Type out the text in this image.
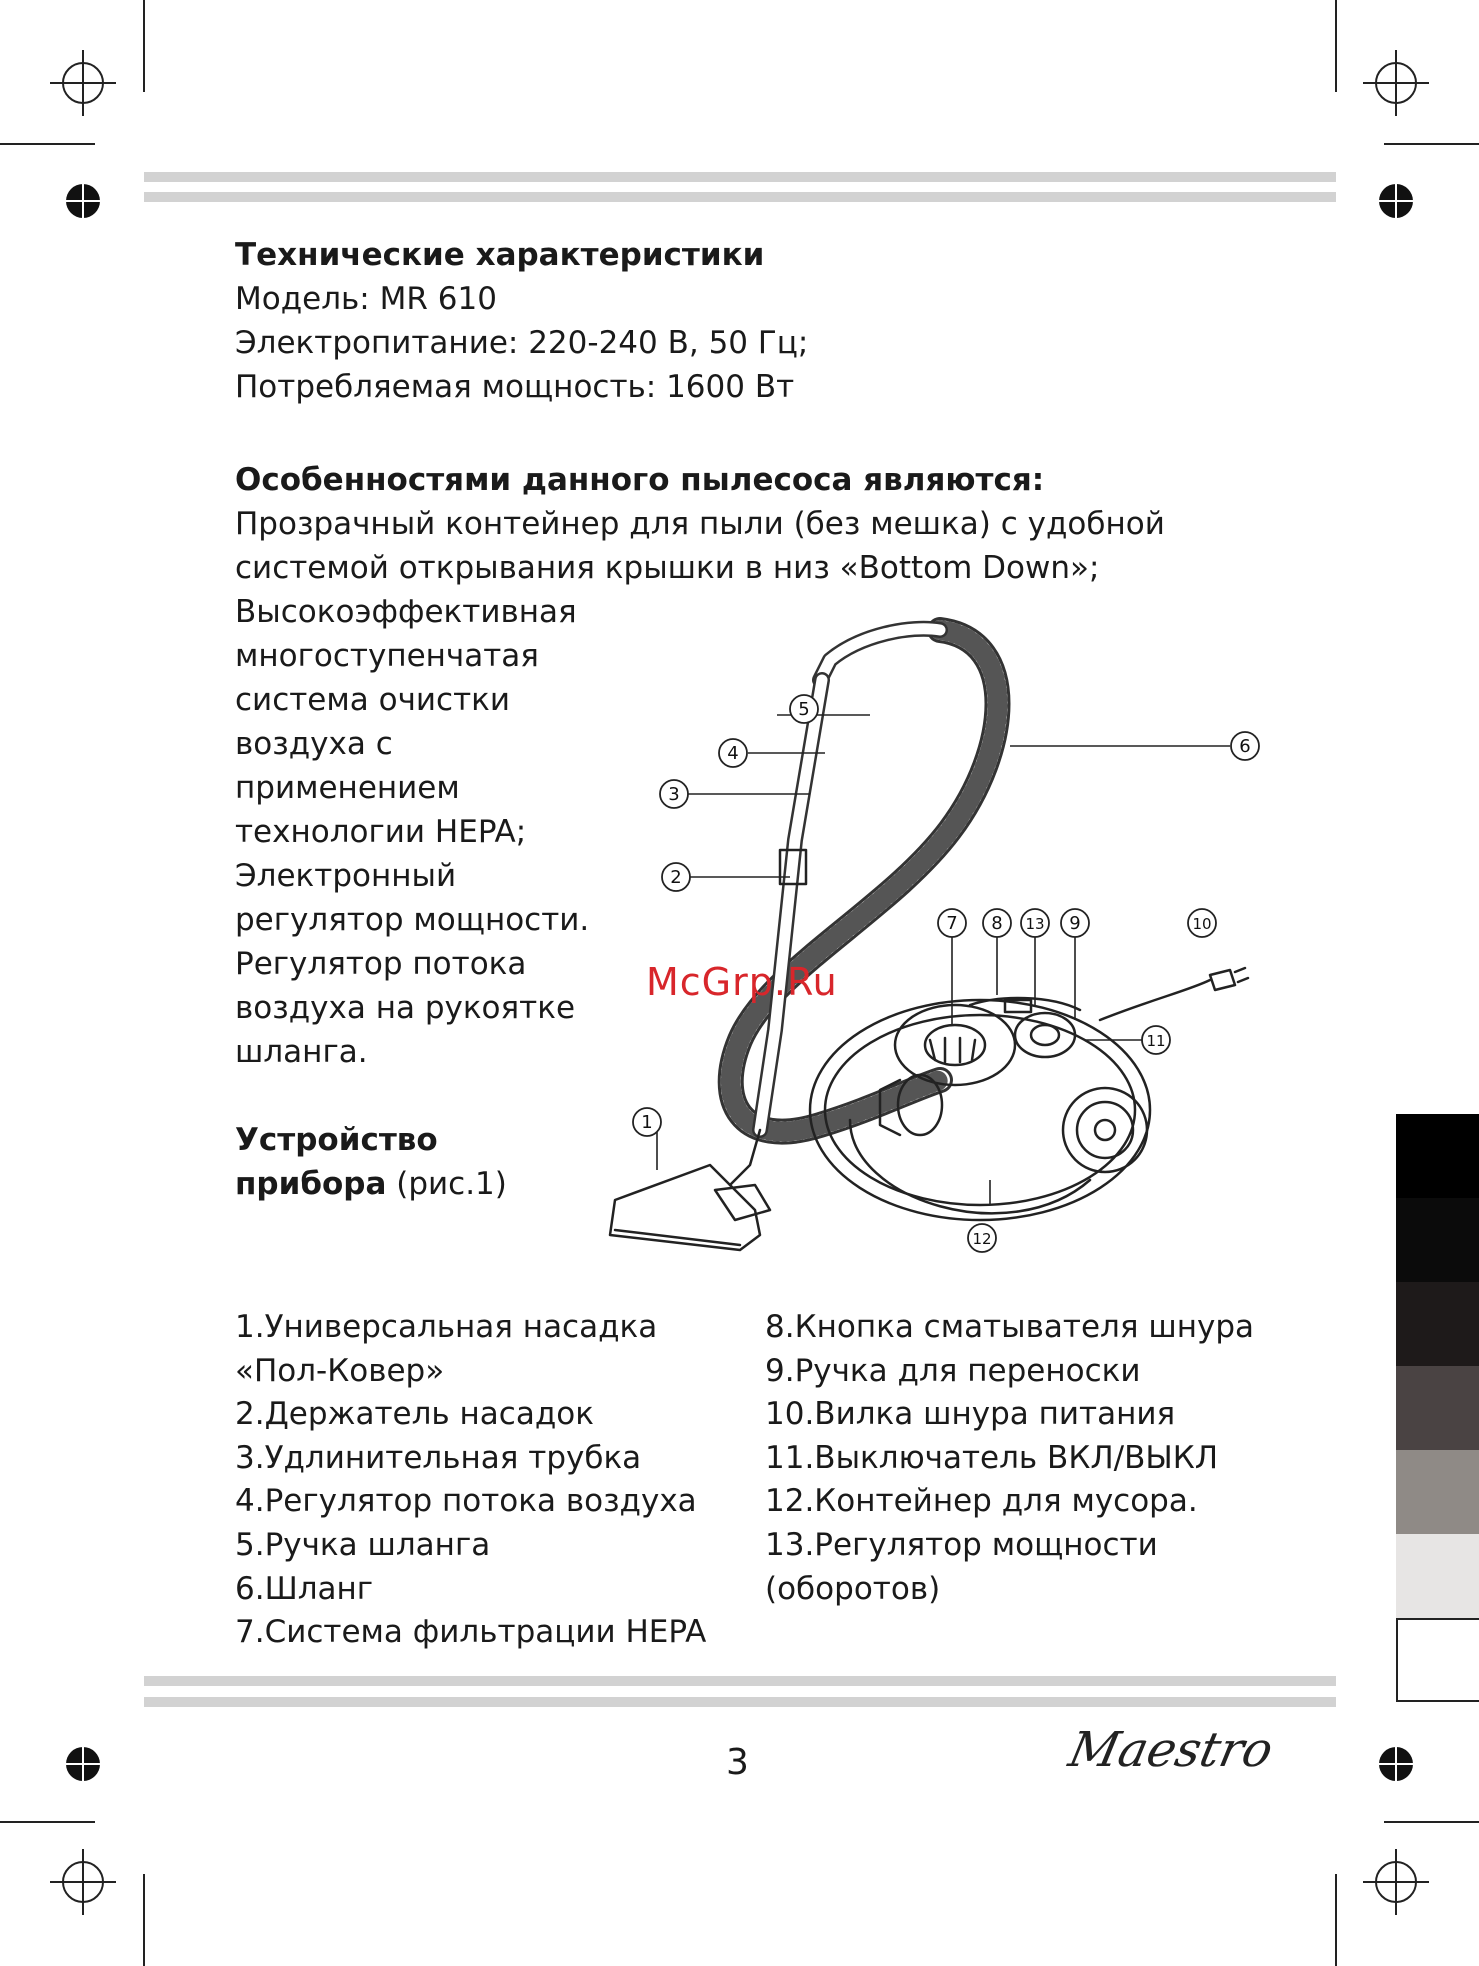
Технические характеристики

Модель: MR 610

Электропитание: 220-240 В, 50 Гц;

Потребляемая мощность: 1600 Вт

Особенностями данного пылесоса являются:

Прозрачный контейнер для пыли (без мешка) с удобной

системой открывания крышки в низ «Bottom Down»;

Высокоэффективная

многоступенчатая

система очистки

воздуха с

применением

технологии HEPA;

Электронный

регулятор мощности.

Регулятор потока

воздуха на рукоятке

шланга.

Устройство

прибора (рис.1)

1
2
3
4
5
6
7 8 13 9	10
11
12
McGrp.Ru
1.Универсальная насадка
«Пол-Ковер»
2.Держатель насадок
3.Удлинительная трубка
4.Регулятор потока воздуха
5.Ручка шланга
6.Шланг
7.Система фильтрации HEPA
8.Кнопка сматывателя шнура
9.Ручка для переноски
10.Вилка шнура питания
11.Выключатель ВКЛ/ВЫКЛ
12.Контейнер для мусора.
13.Регулятор мощности
(оборотов)
3	Maestro
